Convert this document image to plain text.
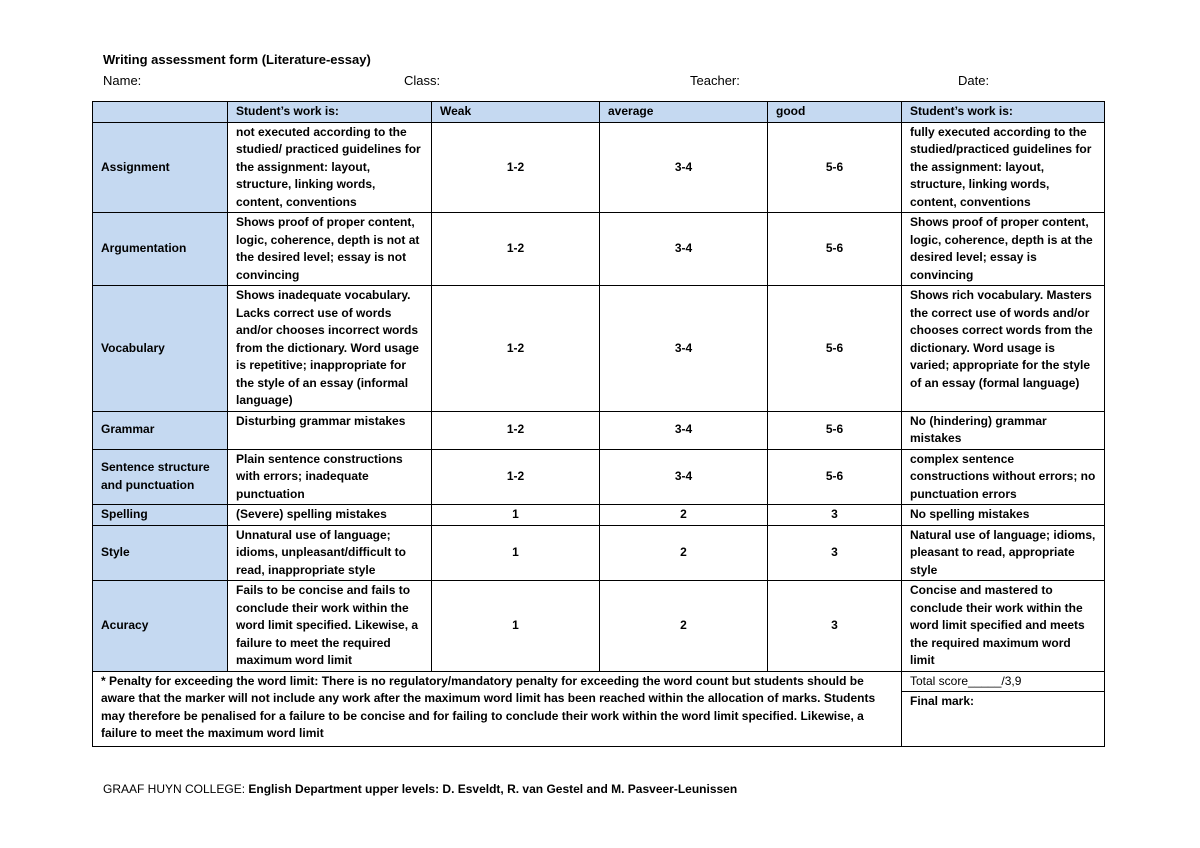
Writing assessment form (Literature-essay)
Name:	Class:	Teacher:	Date:
	Student’s work is:	Weak	average	good	Student’s work is:
Assignment	not executed according to the studied/ practiced guidelines for the assignment: layout, structure, linking words, content, conventions	1-2	3-4	5-6	fully executed according to the studied/practiced guidelines for the assignment: layout, structure, linking words, content, conventions
Argumentation	Shows proof of proper content, logic, coherence, depth is not at the desired level; essay is not convincing	1-2	3-4	5-6	Shows proof of proper content, logic, coherence, depth is at the desired level; essay is convincing
Vocabulary	Shows inadequate vocabulary. Lacks correct use of words and/or chooses incorrect words from the dictionary. Word usage is repetitive; inappropriate for the style of an essay (informal language)	1-2	3-4	5-6	Shows rich vocabulary. Masters the correct use of words and/or chooses correct words from the dictionary. Word usage is varied; appropriate for the style of an essay (formal language)
Grammar	Disturbing grammar mistakes	1-2	3-4	5-6	No (hindering) grammar mistakes
Sentence structure and punctuation	Plain sentence constructions with errors; inadequate punctuation	1-2	3-4	5-6	complex sentence constructions without errors; no punctuation errors
Spelling	(Severe) spelling mistakes	1	2	3	No spelling mistakes
Style	Unnatural use of language; idioms, unpleasant/difficult to read, inappropriate style	1	2	3	Natural use of language; idioms, pleasant to read, appropriate style
Acuracy	Fails to be concise and fails to conclude their work within the word limit specified. Likewise, a failure to meet the required maximum word limit	1	2	3	Concise and mastered to conclude their work within the word limit specified and meets the required maximum word limit
* Penalty for exceeding the word limit: There is no regulatory/mandatory penalty for exceeding the word count but students should be aware that the marker will not include any work after the maximum word limit has been reached within the allocation of marks. Students may therefore be penalised for a failure to be concise and for failing to conclude their work within the word limit specified. Likewise, a failure to meet the maximum word limit					Total score_____/3,9
					Final mark:
GRAAF HUYN COLLEGE: English Department upper levels: D. Esveldt, R. van Gestel and M. Pasveer-Leunissen
